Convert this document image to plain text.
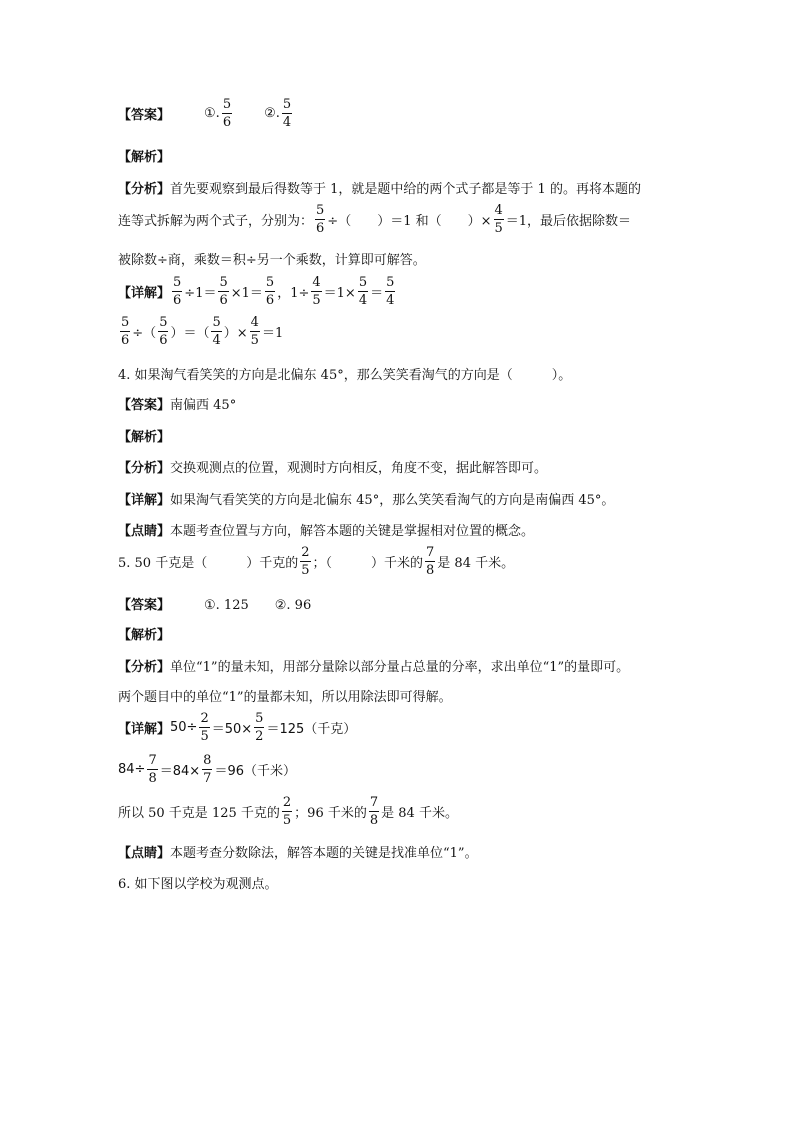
【答案】	①. $\frac{5}{6}$ ②. $\frac{5}{4}$
【解析】
【分析】 首先要观察到最后得数等于 1，就是题中给的两个式子都是等于 1 的。再将本题的
连等式拆解为两个式子，分别为： $\frac{5}{6}$ ÷（　　）＝1 和（　　）× $\frac{4}{5} =1$，最后依据除数＝
被除数÷商，乘数＝积÷另一个乘数，计算即可解答。
【详解】 $\frac{5}{6} \div 1= \frac{5}{6} \times 1= \frac{5}{6}$ ，$1\div \frac{4}{5} =1\times \frac{5}{4} = \frac{5}{4}$
$\frac{5}{6}$ ÷（ $\frac{5}{6}$ ）＝（ $\frac{5}{4}$ ）× $\frac{4}{5} =1$
4. 如果淘气看笑笑的方向是北偏东 45°，那么笑笑看淘气的方向是（　　　）。
【答案】 南偏西 45°
【解析】
【分析】 交换观测点的位置，观测时方向相反，角度不变，据此解答即可。
【详解】 如果淘气看笑笑的方向是北偏东 45°，那么笑笑看淘气的方向是南偏西 45°。
【点睛】 本题考查位置与方向，解答本题的关键是掌握相对位置的概念。
5. 50 千克是（　　　）千克的 $\frac{2}{5}$ ；（　　　）千米的 $\frac{7}{8}$ 是 84 千米。
【答案】	①. 125　　②. 96
【解析】
【分析】 单位“1”的量未知，用部分量除以部分量占总量的分率，求出单位“1”的量即可。
两个题目中的单位“1”的量都未知，所以用除法即可得解。
【详解】 $50\div \frac{2}{5} =50\times \frac{5}{2} =125$（千克）
$84\div \frac{7}{8} =84\times \frac{8}{7} =96$（千米）
所以 50 千克是 125 千克的 $\frac{2}{5}$ ；96 千米的 $\frac{7}{8}$ 是 84 千米。
【点睛】 本题考查分数除法，解答本题的关键是找准单位“1”。
6. 如下图以学校为观测点。
